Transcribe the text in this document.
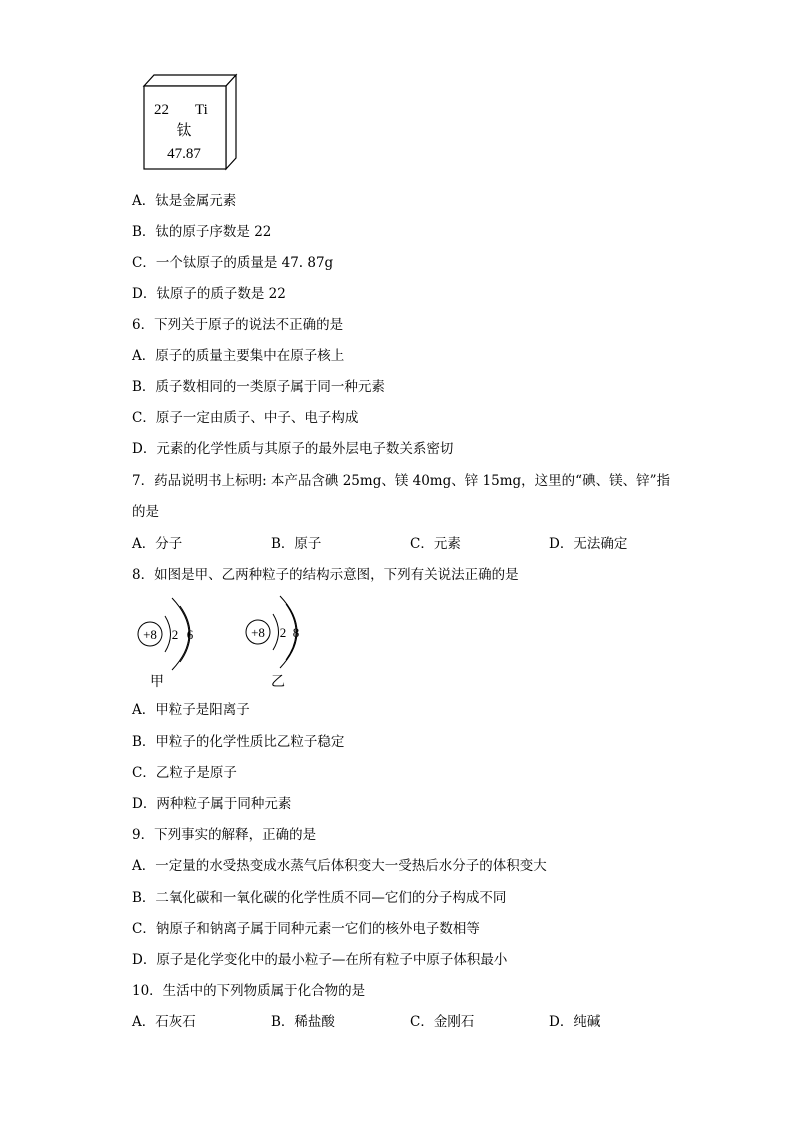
22 Ti
钛
47.87
A．钛是金属元素
B．钛的原子序数是 22
C．一个钛原子的质量是 47. 87g
D．钛原子的质子数是 22
6．下列关于原子的说法不正确的是
A．原子的质量主要集中在原子核上
B．质子数相同的一类原子属于同一种元素
C．原子一定由质子、中子、电子构成
D．元素的化学性质与其原子的最外层电子数关系密切
7．药品说明书上标明: 本产品含碘 25mg、镁 40mg、锌 15mg，这里的“碘、镁、锌”指
的是
A．分子	B．原子	C．元素	D．无法确定
8．如图是甲、乙两种粒子的结构示意图，下列有关说法正确的是
+8 2 6
甲
+8 2 8
乙
A．甲粒子是阳离子
B．甲粒子的化学性质比乙粒子稳定
C．乙粒子是原子
D．两种粒子属于同种元素
9．下列事实的解释，正确的是
A．一定量的水受热变成水蒸气后体积变大一受热后水分子的体积变大
B．二氧化碳和一氧化碳的化学性质不同—它们的分子构成不同
C．钠原子和钠离子属于同种元素一它们的核外电子数相等
D．原子是化学变化中的最小粒子—在所有粒子中原子体积最小
10．生活中的下列物质属于化合物的是
A．石灰石	B．稀盐酸	C．金刚石	D．纯碱
